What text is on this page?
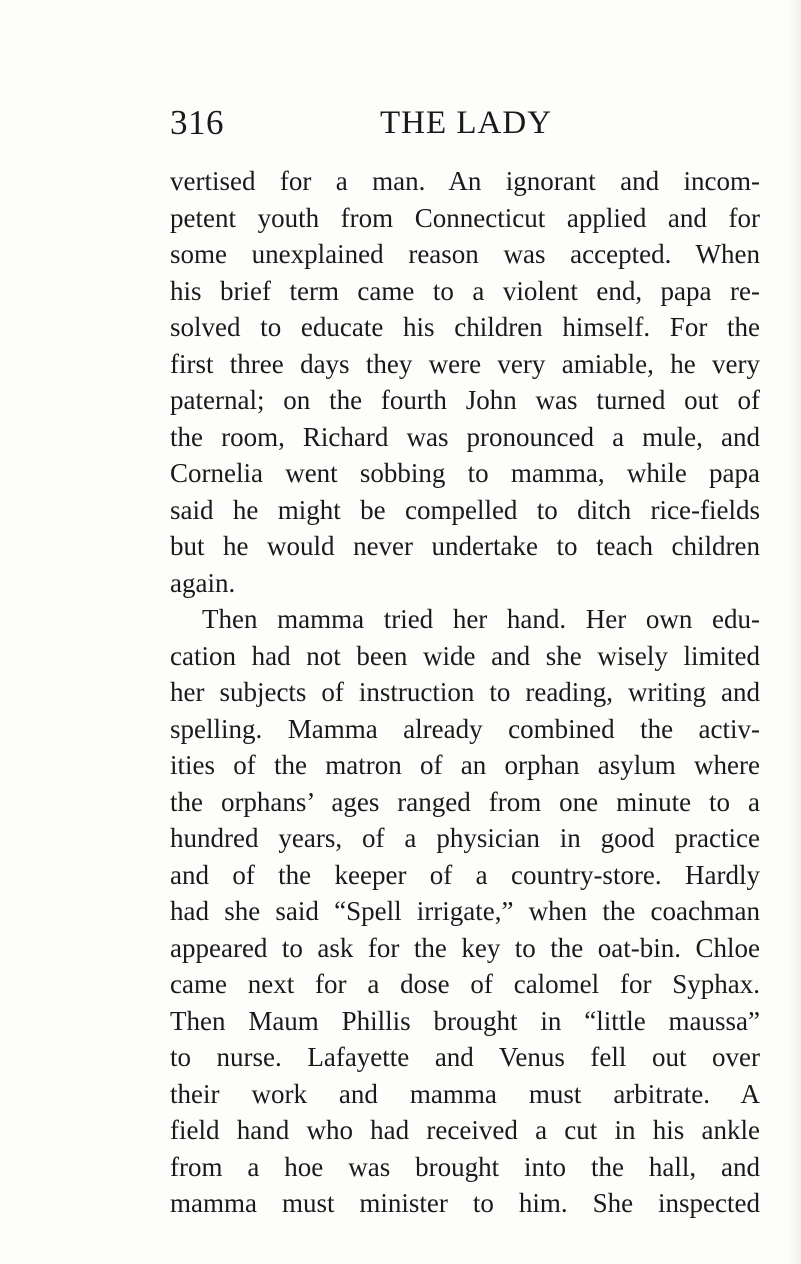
316	THE LADY
vertised for a man. An ignorant and incom-
petent youth from Connecticut applied and for
some unexplained reason was accepted. When
his brief term came to a violent end, papa re-
solved to educate his children himself. For the
first three days they were very amiable, he very
paternal; on the fourth John was turned out of
the room, Richard was pronounced a mule, and
Cornelia went sobbing to mamma, while papa
said he might be compelled to ditch rice-fields
but he would never undertake to teach children
again.
Then mamma tried her hand. Her own edu-
cation had not been wide and she wisely limited
her subjects of instruction to reading, writing and
spelling. Mamma already combined the activ-
ities of the matron of an orphan asylum where
the orphans’ ages ranged from one minute to a
hundred years, of a physician in good practice
and of the keeper of a country-store. Hardly
had she said “Spell irrigate,” when the coachman
appeared to ask for the key to the oat-bin. Chloe
came next for a dose of calomel for Syphax.
Then Maum Phillis brought in “little maussa”
to nurse. Lafayette and Venus fell out over
their work and mamma must arbitrate. A
field hand who had received a cut in his ankle
from a hoe was brought into the hall, and
mamma must minister to him. She inspected
